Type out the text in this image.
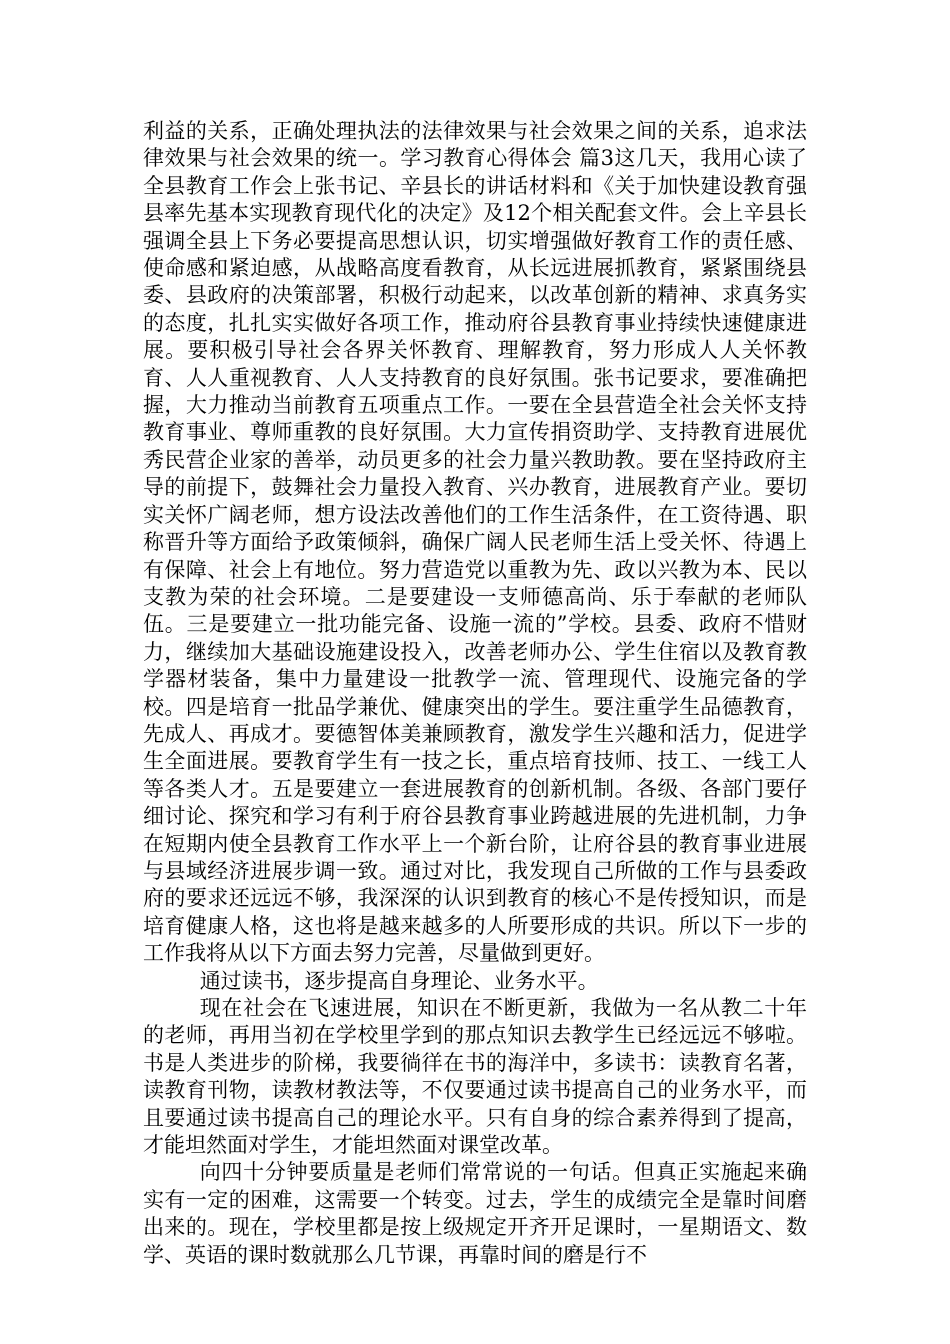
利益的关系，正确处理执法的法律效果与社会效果之间的关系，追求法律效果与社会效果的统一。学习教育心得体会 篇3这几天，我用心读了全县教育工作会上张书记、辛县长的讲话材料和《关于加快建设教育强县率先基本实现教育现代化的决定》及12个相关配套文件。会上辛县长强调全县上下务必要提高思想认识，切实增强做好教育工作的责任感、使命感和紧迫感，从战略高度看教育，从长远进展抓教育，紧紧围绕县委、县政府的决策部署，积极行动起来，以改革创新的精神、求真务实的态度，扎扎实实做好各项工作，推动府谷县教育事业持续快速健康进展。要积极引导社会各界关怀教育、理解教育，努力形成人人关怀教育、人人重视教育、人人支持教育的良好氛围。张书记要求，要准确把握，大力推动当前教育五项重点工作。一要在全县营造全社会关怀支持教育事业、尊师重教的良好氛围。大力宣传捐资助学、支持教育进展优秀民营企业家的善举，动员更多的社会力量兴教助教。要在坚持政府主导的前提下，鼓舞社会力量投入教育、兴办教育，进展教育产业。要切实关怀广阔老师，想方设法改善他们的工作生活条件，在工资待遇、职称晋升等方面给予政策倾斜，确保广阔人民老师生活上受关怀、待遇上有保障、社会上有地位。努力营造党以重教为先、政以兴教为本、民以支教为荣的社会环境。二是要建设一支师德高尚、乐于奉献的老师队伍。三是要建立一批功能完备、设施一流的”学校。县委、政府不惜财力，继续加大基础设施建设投入，改善老师办公、学生住宿以及教育教学器材装备，集中力量建设一批教学一流、管理现代、设施完备的学校。四是培育一批品学兼优、健康突出的学生。要注重学生品德教育，先成人、再成才。要德智体美兼顾教育，激发学生兴趣和活力，促进学生全面进展。要教育学生有一技之长，重点培育技师、技工、一线工人等各类人才。五是要建立一套进展教育的创新机制。各级、各部门要仔细讨论、探究和学习有利于府谷县教育事业跨越进展的先进机制，力争在短期内使全县教育工作水平上一个新台阶，让府谷县的教育事业进展与县域经济进展步调一致。通过对比，我发现自己所做的工作与县委政府的要求还远远不够，我深深的认识到教育的核心不是传授知识，而是培育健康人格，这也将是越来越多的人所要形成的共识。所以下一步的工作我将从以下方面去努力完善，尽量做到更好。

通过读书，逐步提高自身理论、业务水平。

现在社会在飞速进展，知识在不断更新，我做为一名从教二十年的老师，再用当初在学校里学到的那点知识去教学生已经远远不够啦。书是人类进步的阶梯，我要徜徉在书的海洋中，多读书：读教育名著，读教育刊物，读教材教法等，不仅要通过读书提高自己的业务水平，而且要通过读书提高自己的理论水平。只有自身的综合素养得到了提高，才能坦然面对学生，才能坦然面对课堂改革。

向四十分钟要质量是老师们常常说的一句话。但真正实施起来确实有一定的困难，这需要一个转变。过去，学生的成绩完全是靠时间磨出来的。现在，学校里都是按上级规定开齐开足课时，一星期语文、数学、英语的课时数就那么几节课，再靠时间的磨是行不
